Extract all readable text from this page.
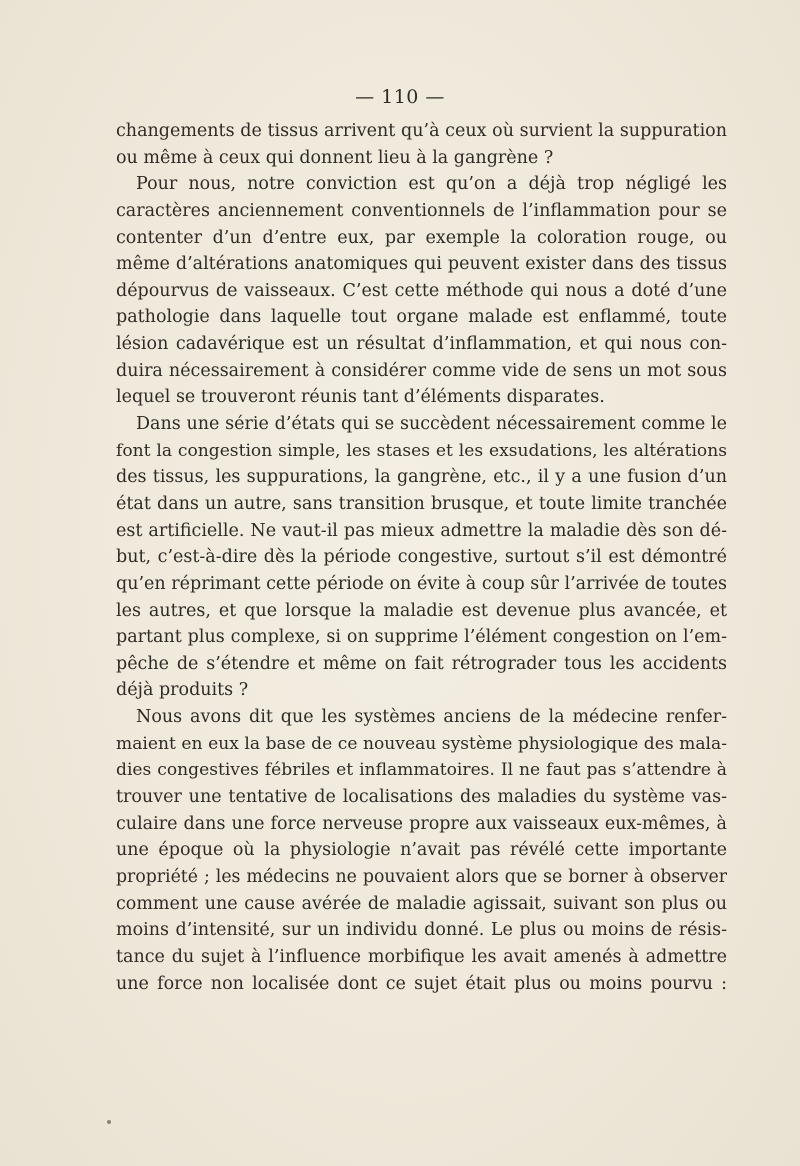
— 110 —
changements de tissus arrivent qu’à ceux où survient la suppuration
ou même à ceux qui donnent lieu à la gangrène ?
Pour nous, notre conviction est qu’on a déjà trop négligé les
caractères anciennement conventionnels de l’inflammation pour se
contenter d’un d’entre eux, par exemple la coloration rouge, ou
même d’altérations anatomiques qui peuvent exister dans des tissus
dépourvus de vaisseaux. C’est cette méthode qui nous a doté d’une
pathologie dans laquelle tout organe malade est enflammé, toute
lésion cadavérique est un résultat d’inflammation, et qui nous con-
duira nécessairement à considérer comme vide de sens un mot sous
lequel se trouveront réunis tant d’éléments disparates.
Dans une série d’états qui se succèdent nécessairement comme le
font la congestion simple, les stases et les exsudations, les altérations
des tissus, les suppurations, la gangrène, etc., il y a une fusion d’un
état dans un autre, sans transition brusque, et toute limite tranchée
est artificielle. Ne vaut-il pas mieux admettre la maladie dès son dé-
but, c’est-à-dire dès la période congestive, surtout s’il est démontré
qu’en réprimant cette période on évite à coup sûr l’arrivée de toutes
les autres, et que lorsque la maladie est devenue plus avancée, et
partant plus complexe, si on supprime l’élément congestion on l’em-
pêche de s’étendre et même on fait rétrograder tous les accidents
déjà produits ?
Nous avons dit que les systèmes anciens de la médecine renfer-
maient en eux la base de ce nouveau système physiologique des mala-
dies congestives fébriles et inflammatoires. Il ne faut pas s’attendre à
trouver une tentative de localisations des maladies du système vas-
culaire dans une force nerveuse propre aux vaisseaux eux-mêmes, à
une époque où la physiologie n’avait pas révélé cette importante
propriété ; les médecins ne pouvaient alors que se borner à observer
comment une cause avérée de maladie agissait, suivant son plus ou
moins d’intensité, sur un individu donné. Le plus ou moins de résis-
tance du sujet à l’influence morbifique les avait amenés à admettre
une force non localisée dont ce sujet était plus ou moins pourvu :
